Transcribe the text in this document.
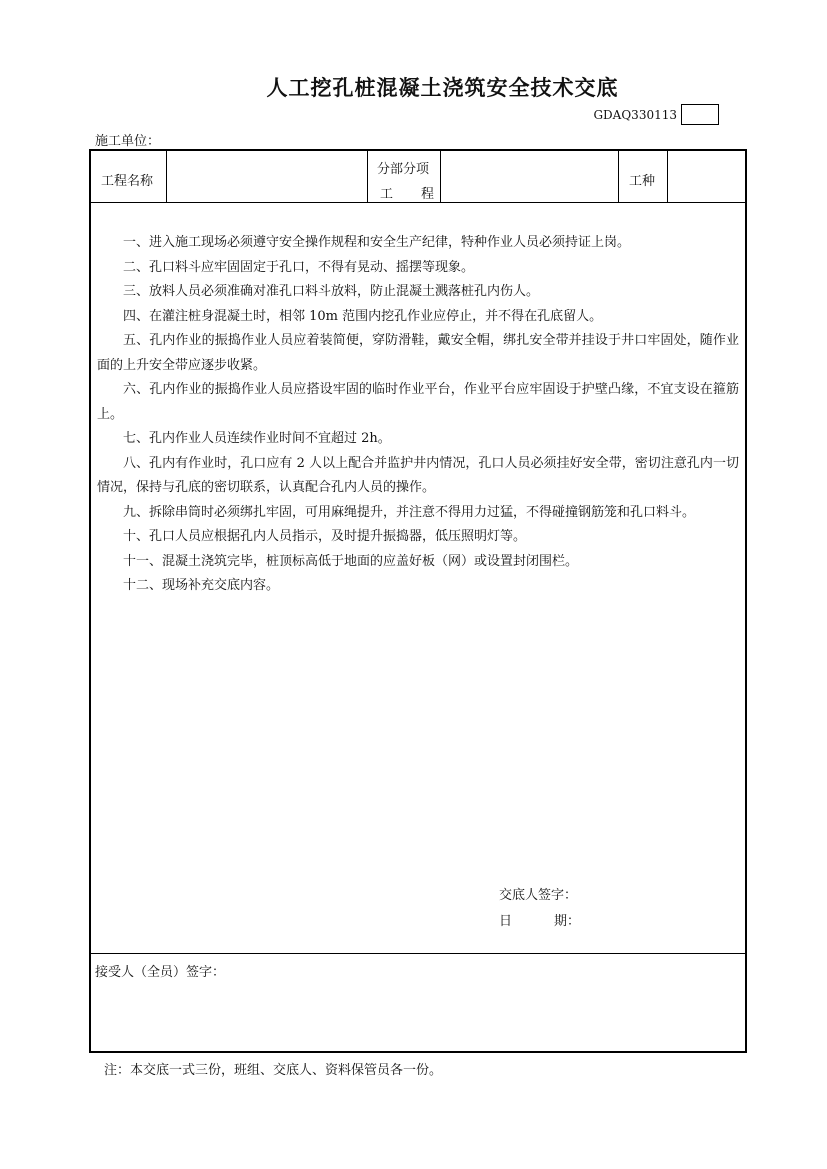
人工挖孔桩混凝土浇筑安全技术交底
GDAQ330113
施工单位：
工程名称
分部分项
工 程
工种

一、进入施工现场必须遵守安全操作规程和安全生产纪律，特种作业人员必须持证上岗。

二、孔口料斗应牢固固定于孔口，不得有晃动、摇摆等现象。

三、放料人员必须准确对准孔口料斗放料，防止混凝土溅落桩孔内伤人。

四、在灌注桩身混凝土时，相邻 10m 范围内挖孔作业应停止，并不得在孔底留人。

五、孔内作业的振捣作业人员应着装简便，穿防滑鞋，戴安全帽，绑扎安全带并挂设于井口牢固处，随作业面的上升安全带应逐步收紧。

六、孔内作业的振捣作业人员应搭设牢固的临时作业平台，作业平台应牢固设于护壁凸缘，不宜支设在箍筋上。

七、孔内作业人员连续作业时间不宜超过 2h。

八、孔内有作业时，孔口应有 2 人以上配合并监护井内情况，孔口人员必须挂好安全带，密切注意孔内一切情况，保持与孔底的密切联系，认真配合孔内人员的操作。

九、拆除串筒时必须绑扎牢固，可用麻绳提升，并注意不得用力过猛，不得碰撞钢筋笼和孔口料斗。

十、孔口人员应根据孔内人员指示，及时提升振捣器，低压照明灯等。

十一、混凝土浇筑完毕，桩顶标高低于地面的应盖好板（网）或设置封闭围栏。

十二、现场补充交底内容。

交底人签字：
日	期：
接受人（全员）签字：
注：本交底一式三份，班组、交底人、资料保管员各一份。
